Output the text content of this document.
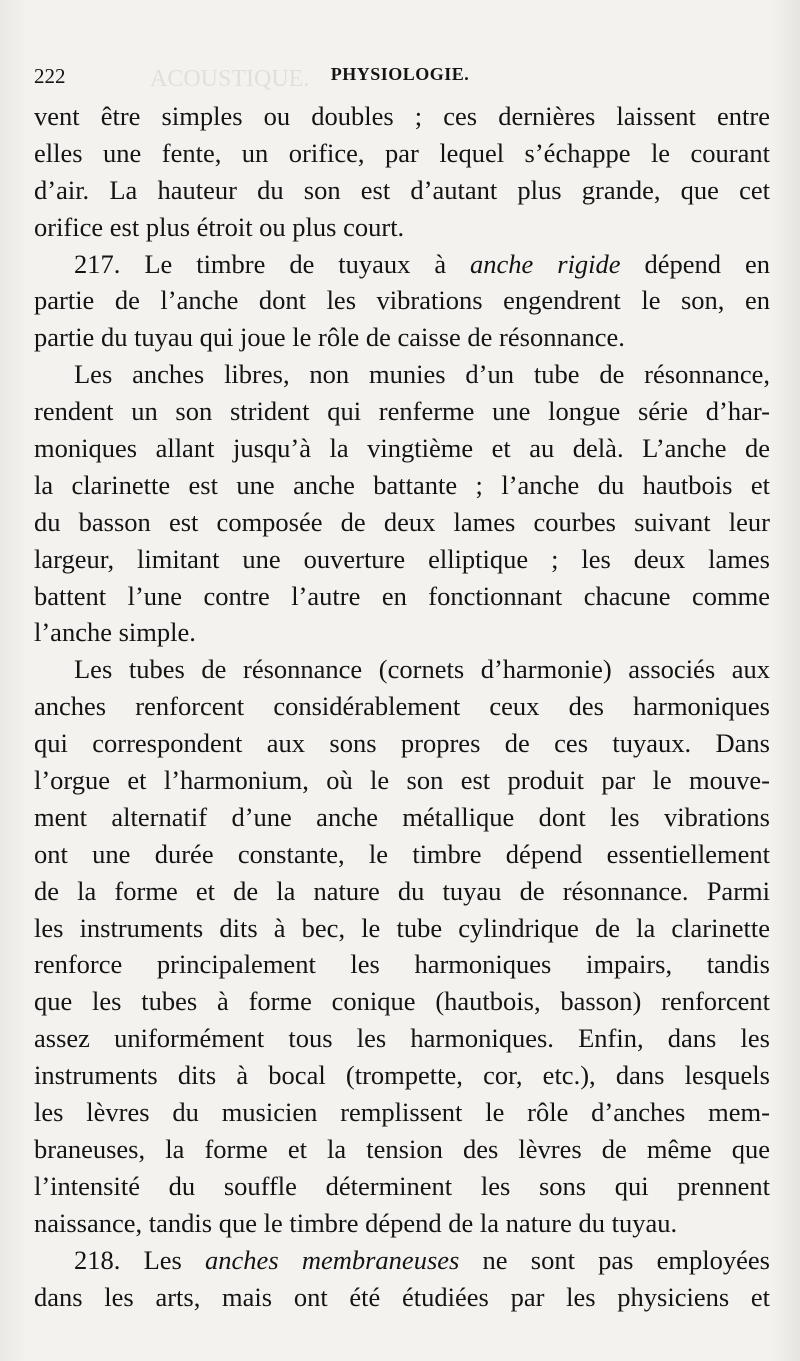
ACOUSTIQUE.
222	PHYSIOLOGIE.
vent être simples ou doubles ; ces dernières laissent entre
elles une fente, un orifice, par lequel s’échappe le courant
d’air. La hauteur du son est d’autant plus grande, que cet
orifice est plus étroit ou plus court.
217. Le timbre de tuyaux à anche rigide dépend en
partie de l’anche dont les vibrations engendrent le son, en
partie du tuyau qui joue le rôle de caisse de résonnance.
Les anches libres, non munies d’un tube de résonnance,
rendent un son strident qui renferme une longue série d’har-
moniques allant jusqu’à la vingtième et au delà. L’anche de
la clarinette est une anche battante ; l’anche du hautbois et
du basson est composée de deux lames courbes suivant leur
largeur, limitant une ouverture elliptique ; les deux lames
battent l’une contre l’autre en fonctionnant chacune comme
l’anche simple.
Les tubes de résonnance (cornets d’harmonie) associés aux
anches renforcent considérablement ceux des harmoniques
qui correspondent aux sons propres de ces tuyaux. Dans
l’orgue et l’harmonium, où le son est produit par le mouve-
ment alternatif d’une anche métallique dont les vibrations
ont une durée constante, le timbre dépend essentiellement
de la forme et de la nature du tuyau de résonnance. Parmi
les instruments dits à bec, le tube cylindrique de la clarinette
renforce principalement les harmoniques impairs, tandis
que les tubes à forme conique (hautbois, basson) renforcent
assez uniformément tous les harmoniques. Enfin, dans les
instruments dits à bocal (trompette, cor, etc.), dans lesquels
les lèvres du musicien remplissent le rôle d’anches mem-
braneuses, la forme et la tension des lèvres de même que
l’intensité du souffle déterminent les sons qui prennent
naissance, tandis que le timbre dépend de la nature du tuyau.
218. Les anches membraneuses ne sont pas employées
dans les arts, mais ont été étudiées par les physiciens et
